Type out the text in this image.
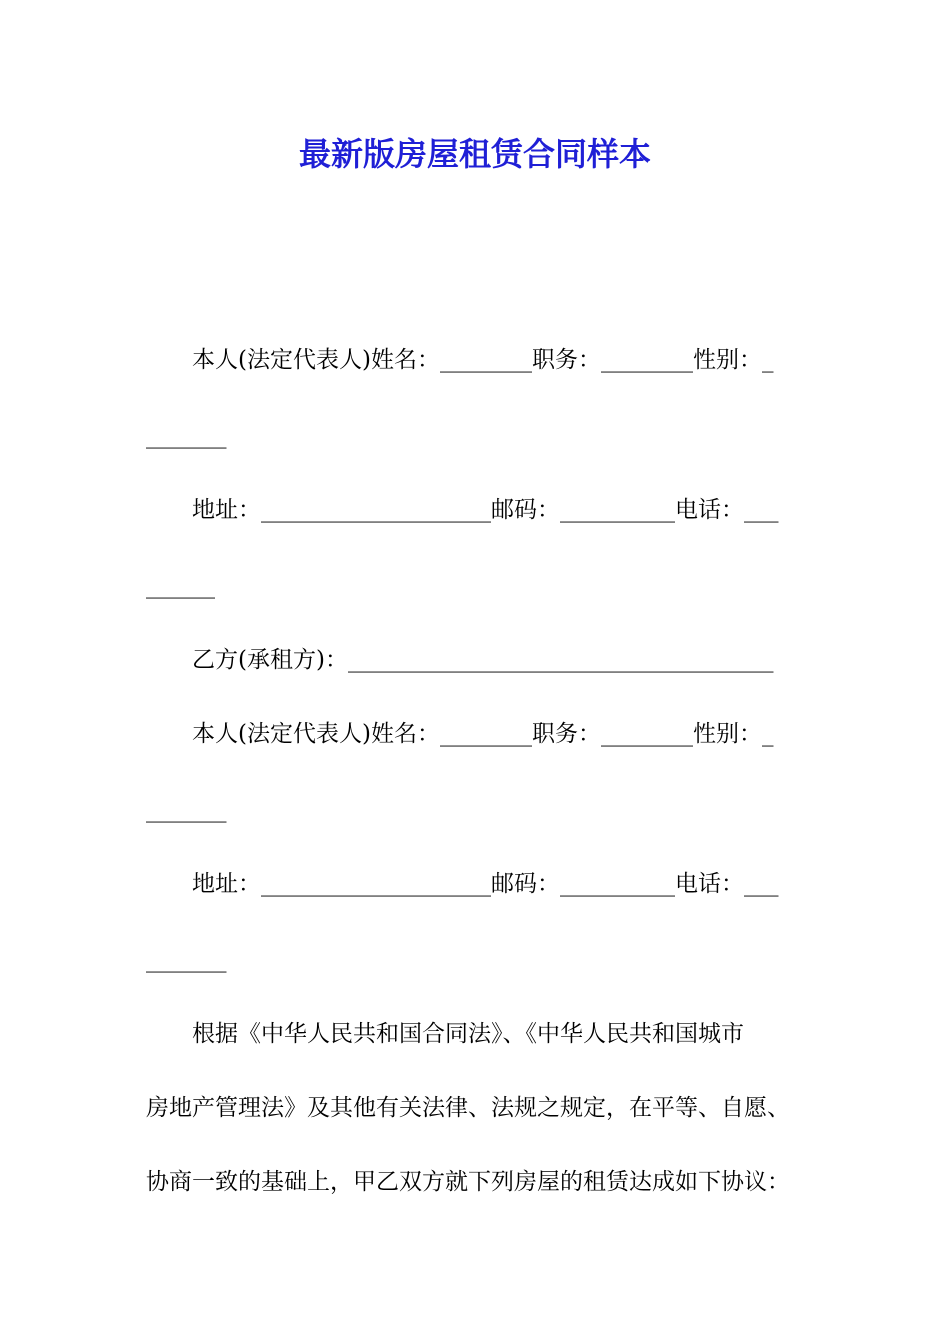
最新版房屋租赁合同样本
本人(法定代表人)姓名：________职务：________性别：_
_______
地址：____________________邮码：__________电话：___
______
乙方(承租方)：_____________________________________
本人(法定代表人)姓名：________职务：________性别：_
_______
地址：____________________邮码：__________电话：___
_______
根据《中华人民共和国合同法》、《中华人民共和国城市
房地产管理法》及其他有关法律、法规之规定，在平等、自愿、
协商一致的基础上，甲乙双方就下列房屋的租赁达成如下协议：
